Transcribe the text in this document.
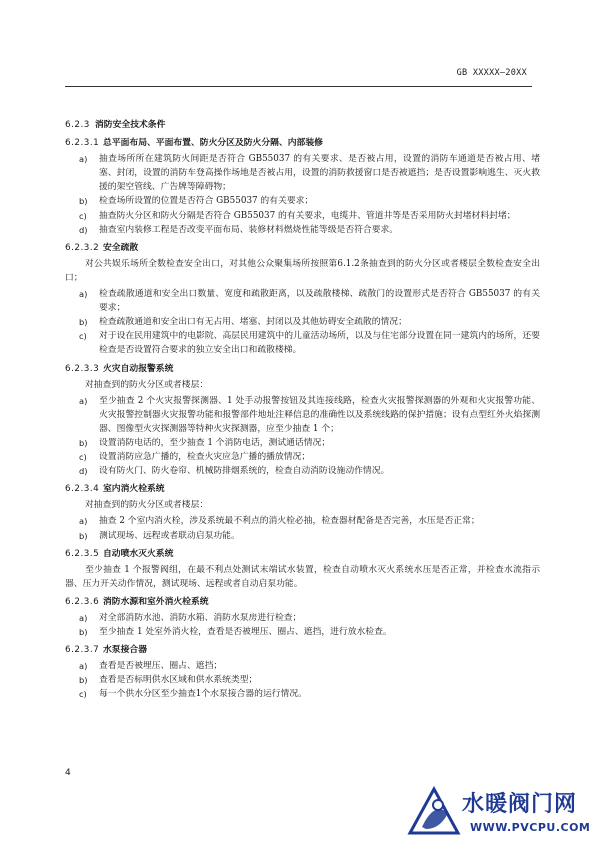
GB XXXXX—20XX
6.2.3 消防安全技术条件
6.2.3.1 总平面布局、平面布置、防火分区及防火分隔、内部装修
a)	抽查场所所在建筑防火间距是否符合 GB55037 的有关要求、是否被占用，设置的消防车通道是否被占用、堵塞、封闭，设置的消防车登高操作场地是否被占用，设置的消防救援窗口是否被遮挡；是否设置影响逃生、灭火救援的架空管线、广告牌等障碍物；
b)	检查场所设置的位置是否符合 GB55037 的有关要求；
c)	抽查防火分区和防火分隔是否符合 GB55037 的有关要求，电缆井、管道井等是否采用防火封堵材料封堵；
d)	抽查室内装修工程是否改变平面布局、装修材料燃烧性能等级是否符合要求。
6.2.3.2 安全疏散

对公共娱乐场所全数检查安全出口，对其他公众聚集场所按照第6.1.2条抽查到的防火分区或者楼层全数检查安全出口；

a)	检查疏散通道和安全出口数量、宽度和疏散距离，以及疏散楼梯、疏散门的设置形式是否符合 GB55037 的有关要求；
b)	检查疏散通道和安全出口有无占用、堵塞、封闭以及其他妨碍安全疏散的情况；
c)	对于设在民用建筑中的电影院、高层民用建筑中的儿童活动场所，以及与住宅部分设置在同一建筑内的场所，还要检查是否设置符合要求的独立安全出口和疏散楼梯。
6.2.3.3 火灾自动报警系统

对抽查到的防火分区或者楼层：

a)	至少抽查 2 个火灾报警探测器、1 处手动报警按钮及其连接线路，检查火灾报警探测器的外观和火灾报警功能、火灾报警控制器火灾报警功能和报警部件地址注释信息的准确性以及系统线路的保护措施；设有点型红外火焰探测器、图像型火灾探测器等特种火灾探测器，应至少抽查 1 个；
b)	设置消防电话的，至少抽查 1 个消防电话，测试通话情况；
c)	设置消防应急广播的，检查火灾应急广播的播放情况；
d)	设有防火门、防火卷帘、机械防排烟系统的，检查自动消防设施动作情况。
6.2.3.4 室内消火栓系统

对抽查到的防火分区或者楼层：

a)	抽查 2 个室内消火栓，涉及系统最不利点的消火栓必抽，检查器材配备是否完善，水压是否正常；
b)	测试现场、远程或者联动启泵功能。
6.2.3.5 自动喷水灭火系统

至少抽查 1 个报警阀组，在最不利点处测试末端试水装置，检查自动喷水灭火系统水压是否正常，并检查水流指示器、压力开关动作情况，测试现场、远程或者自动启泵功能。

6.2.3.6 消防水源和室外消火栓系统
a)	对全部消防水池、消防水箱、消防水泵房进行检查；
b)	至少抽查 1 处室外消火栓，查看是否被埋压、圈占、遮挡，进行放水检查。
6.2.3.7 水泵接合器
a)	查看是否被埋压、圈占、遮挡；
b)	查看是否标明供水区域和供水系统类型；
c)	每一个供水分区至少抽查1个水泵接合器的运行情况。
4
水暖阀门网
WWW.PVCPU.COM
